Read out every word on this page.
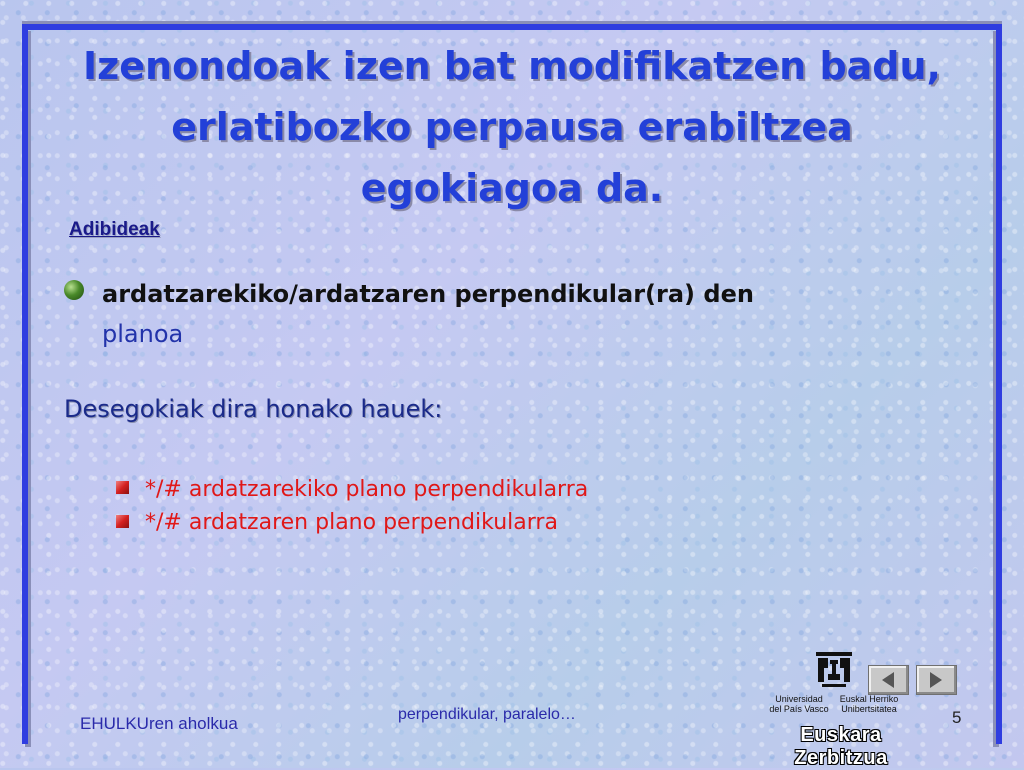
Izenondoak izen bat modifikatzen badu,
erlatibozko perpausa erabiltzea
egokiagoa da.
Adibideak
ardatzarekiko/ardatzaren perpendikular(ra) den
planoa
Desegokiak dira honako hauek:
*/# ardatzarekiko plano perpendikularra
*/# ardatzaren plano perpendikularra
Universidad
del País Vasco
Euskal Herriko
Unibertsitatea
Euskara Zerbitzua
EHULKUren aholkua	perpendikular, paralelo…	5
